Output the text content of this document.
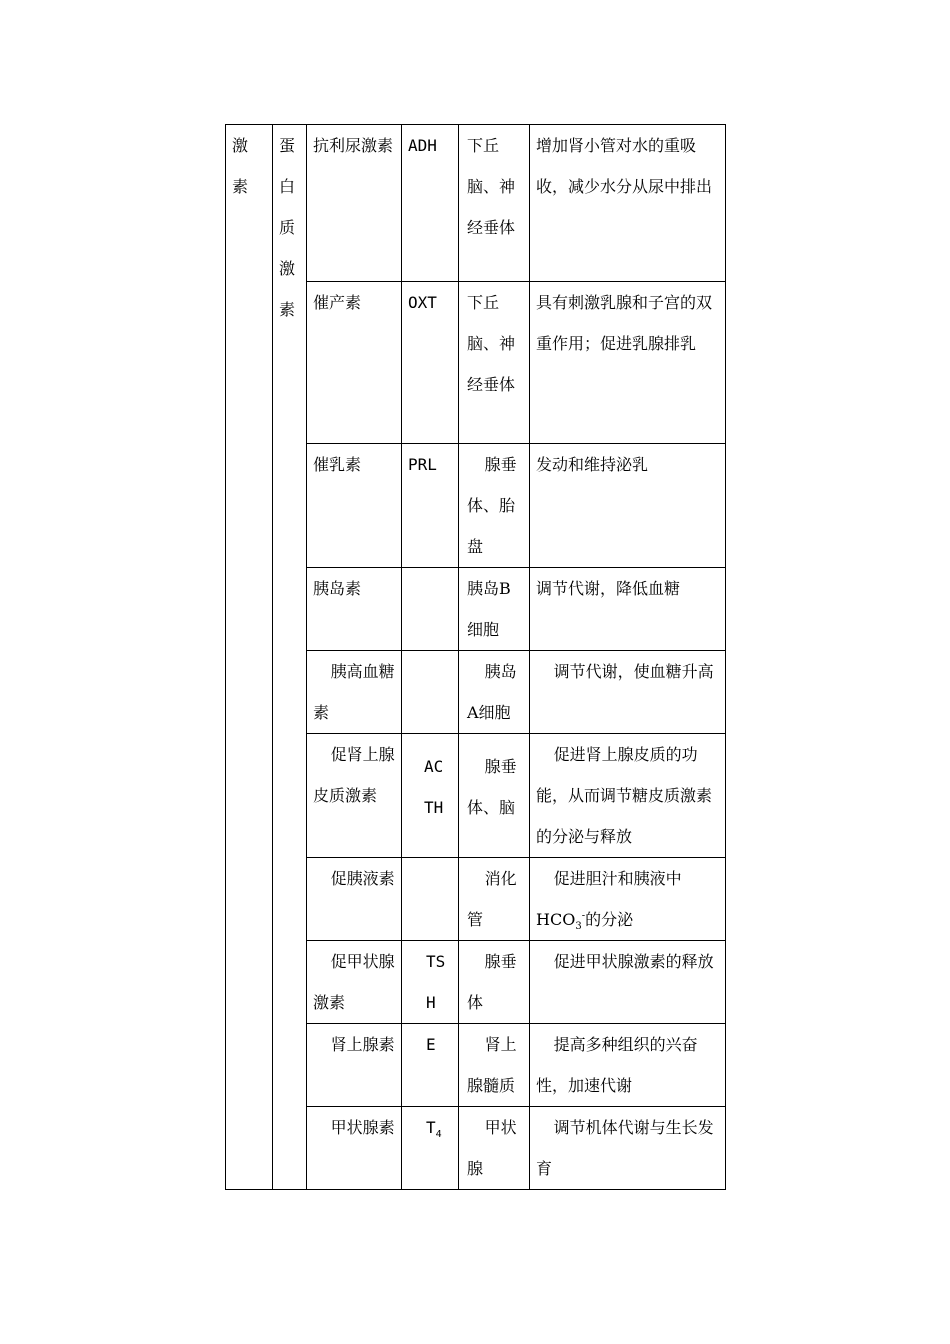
激素	蛋白质激素	抗利尿激素	ADH	下丘脑、神经垂体	增加肾小管对水的重吸收，减少水分从尿中排出
		催产素	OXT	下丘脑、神经垂体	具有刺激乳腺和子宫的双重作用；促进乳腺排乳
		催乳素	PRL	腺垂体、胎盘	发动和维持泌乳
		胰岛素		胰岛B细胞	调节代谢，降低血糖
		胰高血糖素		胰岛A细胞	调节代谢，使血糖升高
		促肾上腺皮质激素	ACTH	腺垂体、脑	促进肾上腺皮质的功能，从而调节糖皮质激素的分泌与释放
		促胰液素		消化管	促进胆汁和胰液中$HCO_3^-$的分泌
		促甲状腺激素	TSH	腺垂体	促进甲状腺激素的释放
		肾上腺素	E	肾上腺髓质	提高多种组织的兴奋性，加速代谢
		甲状腺素	$T_4$	甲状腺	调节机体代谢与生长发育
